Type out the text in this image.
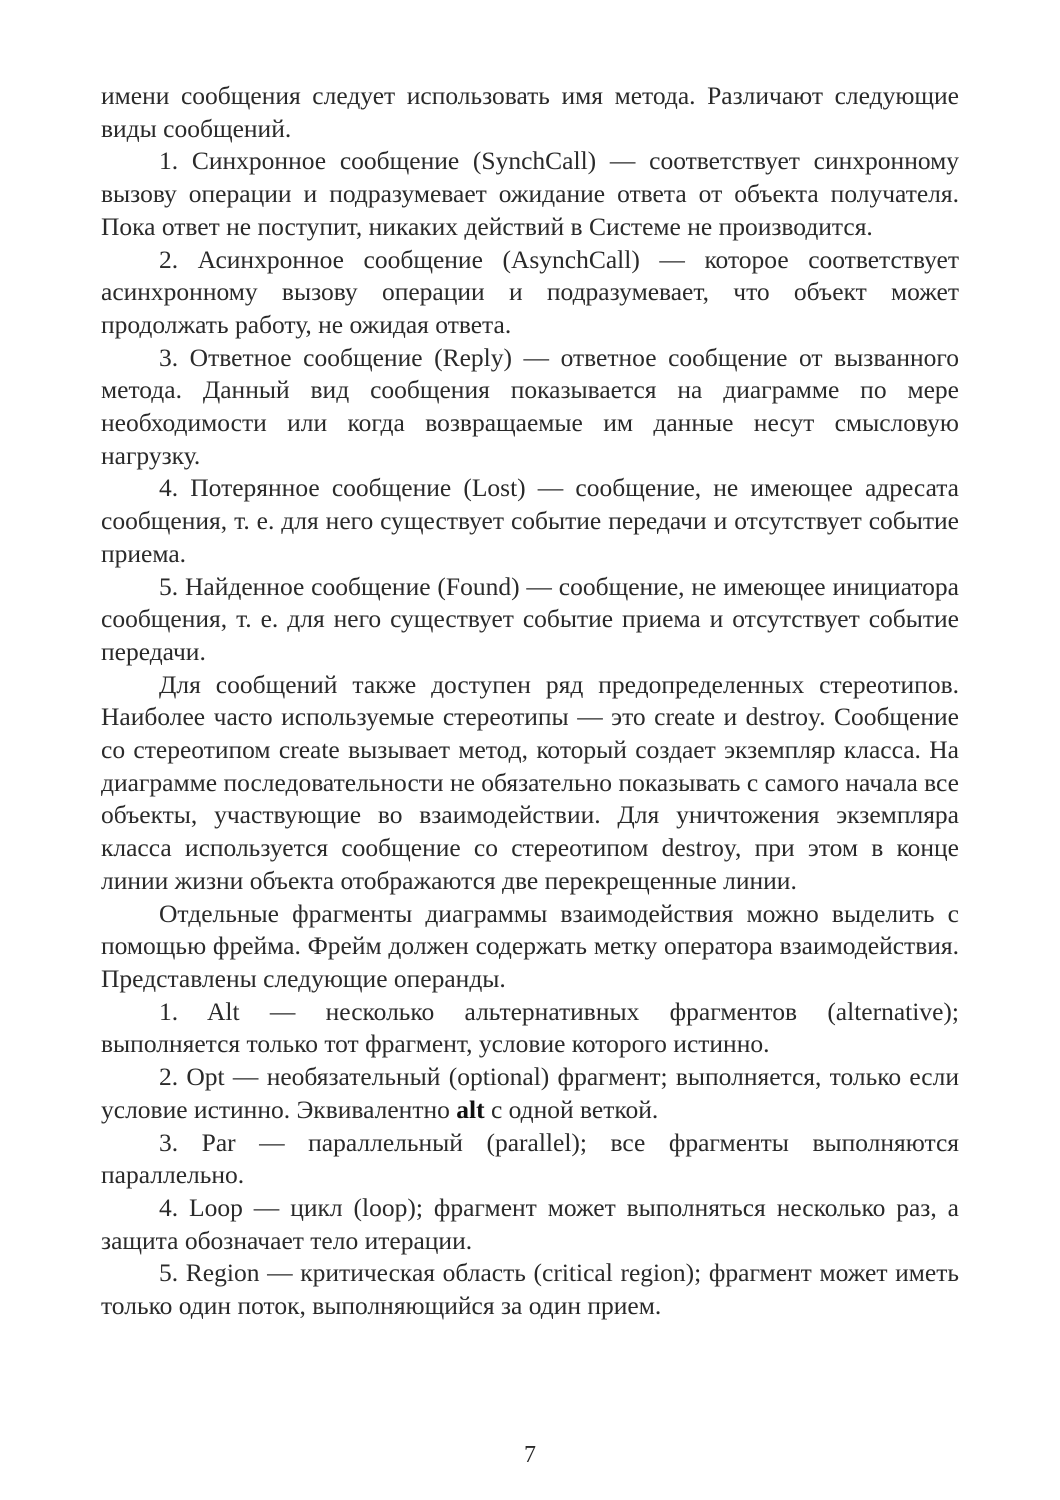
имени сообщения следует использовать имя метода. Различают следующие виды сообщений.

1. Синхронное сообщение (SynchCall) — соответствует синхронному вызову операции и подразумевает ожидание ответа от объекта получателя. Пока ответ не поступит, никаких действий в Системе не производится.

2. Асинхронное сообщение (AsynchCall) — которое соответствует асинхронному вызову операции и подразумевает, что объект может продолжать работу, не ожидая ответа.

3. Ответное сообщение (Reply) — ответное сообщение от вызванного метода. Данный вид сообщения показывается на диаграмме по мере необходимости или когда возвращаемые им данные несут смысловую нагрузку.

4. Потерянное сообщение (Lost) — сообщение, не имеющее адресата сообщения, т. е. для него существует событие передачи и отсутствует событие приема.

5. Найденное сообщение (Found) — сообщение, не имеющее инициатора сообщения, т. е. для него существует событие приема и отсутствует событие передачи.

Для сообщений также доступен ряд предопределенных стереотипов. Наиболее часто используемые стереотипы — это create и destroy. Сообщение со стереотипом create вызывает метод, который создает экземпляр класса. На диаграмме последовательности не обязательно показывать с самого начала все объекты, участвующие во взаимодействии. Для уничтожения экземпляра класса используется сообщение со стереотипом destroy, при этом в конце линии жизни объекта отображаются две перекрещенные линии.

Отдельные фрагменты диаграммы взаимодействия можно выделить с помощью фрейма. Фрейм должен содержать метку оператора взаимодействия. Представлены следующие операнды.

1. Alt — несколько альтернативных фрагментов (alternative); выполняется только тот фрагмент, условие которого истинно.

2. Opt — необязательный (optional) фрагмент; выполняется, только если условие истинно. Эквивалентно alt с одной веткой.

3. Par — параллельный (parallel); все фрагменты выполняются параллельно.

4. Loop — цикл (loop); фрагмент может выполняться несколько раз, а защита обозначает тело итерации.

5. Region — критическая область (critical region); фрагмент может иметь только один поток, выполняющийся за один прием.

7
